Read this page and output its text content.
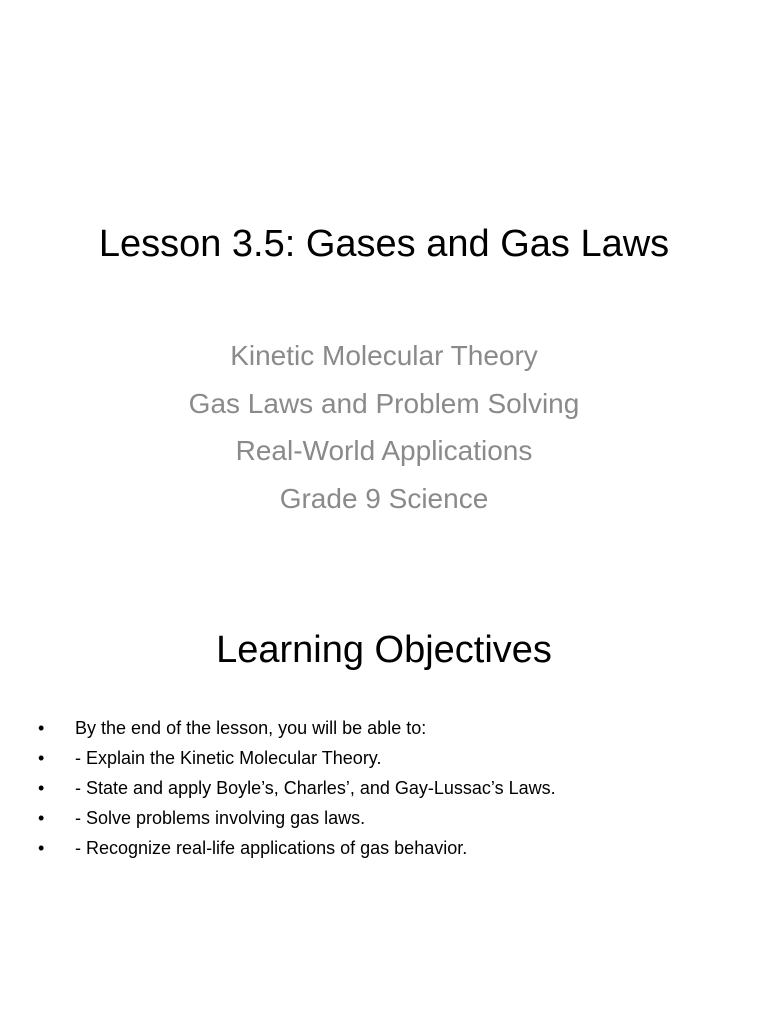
Lesson 3.5: Gases and Gas Laws
Kinetic Molecular Theory
Gas Laws and Problem Solving
Real-World Applications
Grade 9 Science
Learning Objectives
• By the end of the lesson, you will be able to:
• - Explain the Kinetic Molecular Theory.
• - State and apply Boyle’s, Charles’, and Gay-Lussac’s Laws.
• - Solve problems involving gas laws.
• - Recognize real-life applications of gas behavior.
